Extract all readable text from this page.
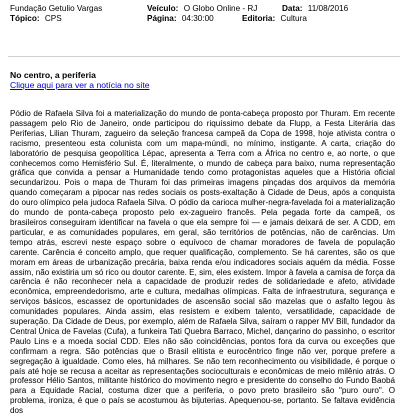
Fundação Getulio Vargas
Tópico: CPS
Veículo: O Globo Online - RJ	Data: 11/08/2016
Página: 04:30:00	Editoria: Cultura
No centro, a periferia
Clique aqui para ver a notícia no site
Pódio de Rafaela Silva foi a materialização do mundo de ponta-cabeça proposto por Thuram. Em recente passagem pelo Rio de Janeiro, onde participou do riquíssimo debate da Flupp, a Festa Literária das Periferias, Lilian Thuram, zagueiro da seleção francesa campeã da Copa de 1998, hoje ativista contra o racismo, presenteou esta colunista com um mapa-múndi, no mínimo, instigante. A carta, criação do laboratório de pesquisa geopolítica Lépac, apresenta a Terra com a África no centro e, ao norte, o que conhecemos como Hemisfério Sul. É, literalmente, o mundo de cabeça para baixo, numa representação gráfica que convida a pensar a Humanidade tendo como protagonistas aqueles que a História oficial secundarizou. Pois o mapa de Thuram foi das primeiras imagens pinçadas dos arquivos da memória quando começaram a pipocar nas redes sociais os posts-exaltação à Cidade de Deus, após a conquista do ouro olímpico pela judoca Rafaela Silva. O pódio da carioca mulher-negra-favelada foi a materialização do mundo de ponta-cabeça proposto pelo ex-zagueiro francês. Pela pegada forte da campeã, os brasileiros conseguiram identificar na favela o que ela sempre foi — e jamais deixará de ser. A CDD, em particular, e as comunidades populares, em geral, são territórios de potências, não de carências. Um tempo atrás, escrevi neste espaço sobre o equívoco de chamar moradores de favela de população carente. Carência é conceito amplo, que requer qualificação, complemento. Se há carentes, são os que moram em áreas de urbanização precária, baixa renda e/ou indicadores sociais aquém da média. Fosse assim, não existiria um só rico ou doutor carente. E, sim, eles existem. Impor à favela a camisa de força da carência é não reconhecer nela a capacidade de produzir redes de solidariedade e afeto, atividade econômica, empreendedorismo, arte e cultura, medalhas olímpicas. Falta de infraestrutura, segurança e serviços básicos, escassez de oportunidades de ascensão social são mazelas que o asfalto legou às comunidades populares. Ainda assim, elas resistem e exibem talento, versatilidade, capacidade de superação. Da Cidade de Deus, por exemplo, além de Rafaela Silva, saíram o rapper MV Bill, fundador da Central Única de Favelas (Cufa), a funkeira Tati Quebra Barraco, Michel, dançarino do passinho, o escritor Paulo Lins e a moeda social CDD. Eles não são coincidências, pontos fora da curva ou exceções que confirmam a regra. São potências que o Brasil elitista e eurocêntrico finge não ver, porque prefere a segregação à igualdade. Como eles, há milhares. Se não tem reconhecimento ou visibilidade, é porque o país até hoje se recusa a aceitar as representações socioculturais e econômicas de meio milênio atrás. O professor Hélio Santos, militante histórico do movimento negro e presidente do conselho do Fundo Baobá para a Equidade Racial, costuma dizer que a periferia, o povo preto brasileiro são "puro ouro". O problema, ironiza, é que o país se acostumou às bijuterias. Apequenou-se, portanto. Se faltava evidência dos
